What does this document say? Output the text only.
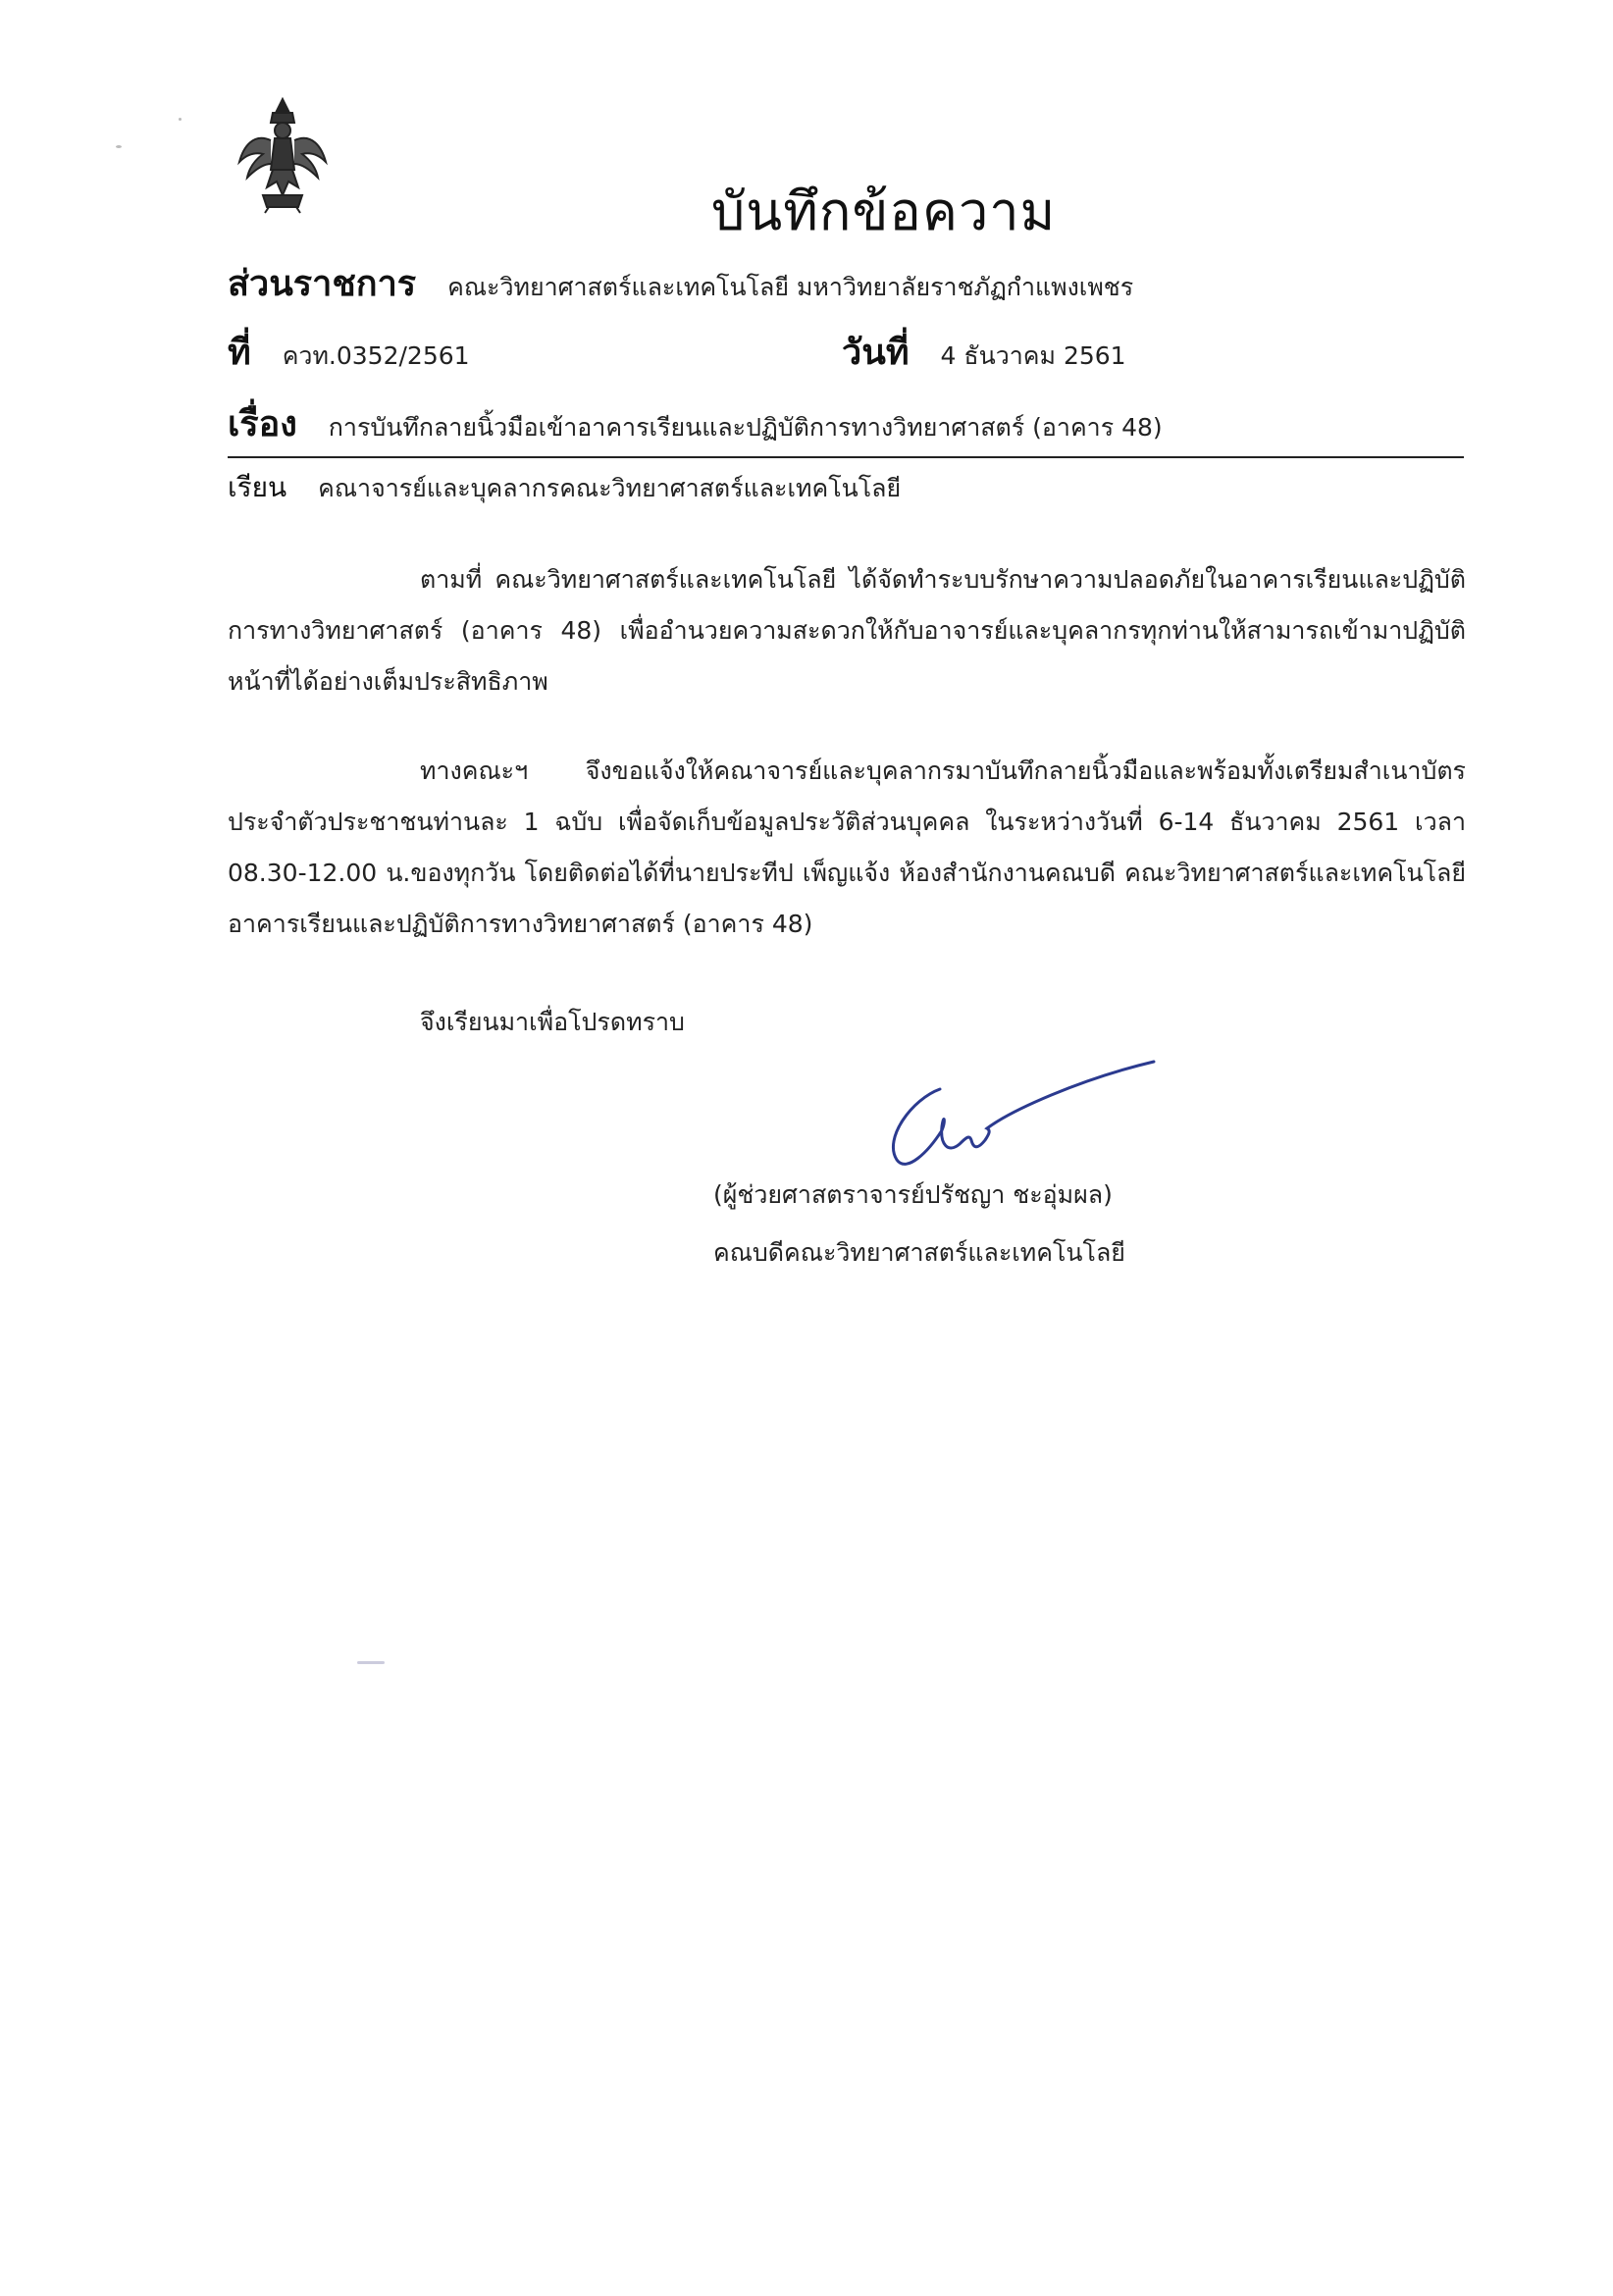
บันทึกข้อความ
ส่วนราชการ คณะวิทยาศาสตร์และเทคโนโลยี มหาวิทยาลัยราชภัฏกำแพงเพชร
ที่ ควท.0352/2561	วันที่ 4 ธันวาคม 2561
เรื่อง การบันทึกลายนิ้วมือเข้าอาคารเรียนและปฏิบัติการทางวิทยาศาสตร์ (อาคาร 48)
เรียน คณาจารย์และบุคลากรคณะวิทยาศาสตร์และเทคโนโลยี
ตามที่ คณะวิทยาศาสตร์และเทคโนโลยี ได้จัดทำระบบรักษาความปลอดภัยในอาคารเรียนและปฏิบัติการทางวิทยาศาสตร์ (อาคาร 48) เพื่ออำนวยความสะดวกให้กับอาจารย์และบุคลากรทุกท่านให้สามารถเข้ามาปฏิบัติหน้าที่ได้อย่างเต็มประสิทธิภาพ
ทางคณะฯ จึงขอแจ้งให้คณาจารย์และบุคลากรมาบันทึกลายนิ้วมือและพร้อมทั้งเตรียมสำเนาบัตรประจำตัวประชาชนท่านละ 1 ฉบับ เพื่อจัดเก็บข้อมูลประวัติส่วนบุคคล ในระหว่างวันที่ 6-14 ธันวาคม 2561 เวลา 08.30-12.00 น.ของทุกวัน โดยติดต่อได้ที่นายประทีป เพ็ญแจ้ง ห้องสำนักงานคณบดี คณะวิทยาศาสตร์และเทคโนโลยี อาคารเรียนและปฏิบัติการทางวิทยาศาสตร์ (อาคาร 48)
จึงเรียนมาเพื่อโปรดทราบ
(ผู้ช่วยศาสตราจารย์ปรัชญา ชะอุ่มผล)
คณบดีคณะวิทยาศาสตร์และเทคโนโลยี
